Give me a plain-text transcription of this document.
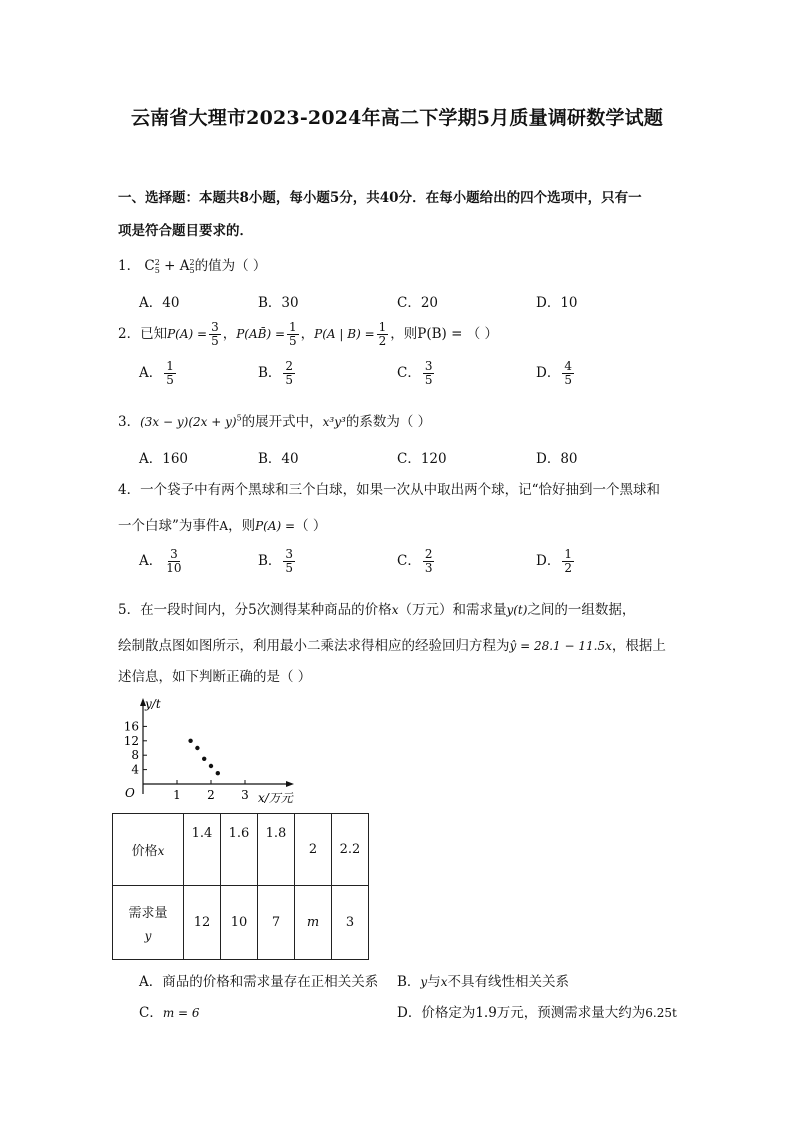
云南省大理市2023-2024年高二下学期5月质量调研数学试题
一、选择题：本题共8小题，每小题5分，共40分．在每小题给出的四个选项中，只有一
项是符合题目要求的．
1． C 2
5 + A 2
5 的值为（ ）
A．40	B．30	C．20	D．10
2．已知$P(A) = \frac{3}{5}$ ，P(AB̄) = $\frac{1}{5}$ ，P(A | $B) = \frac{1}{2}$ ，则P(B) = （ ）
A． $\frac{1}{5}$	B． $\frac{2}{5}$	C． $\frac{3}{5}$	D． $\frac{4}{5}$
3．$(3x - y)(2x + y)^5$的展开式中，x³y³的系数为（ ）
A．160	B．40	C．120	D．80
4．一个袋子中有两个黑球和三个白球，如果一次从中取出两个球，记“恰好抽到一个黑球和
一个白球”为事件A，则P(A) =（ ）
A． $\frac{3}{10}$	B． $\frac{3}{5}$	C． $\frac{2}{3}$	D． $\frac{1}{2}$
5．在一段时间内，分5次测得某种商品的价格x（万元）和需求量y(t)之间的一组数据，
绘制散点图如图所示，利用最小二乘法求得相应的经验回归方程为ŷ = 28.1 − 11.5x，根据上
述信息，如下判断正确的是（ ）
y/t
x/万元
O
16
12
8
4
1 2 3
价格x	1.4	1.6	1.8	2	2.2

需求量
y	12	10	7	m	3
A．商品的价格和需求量存在正相关关系 B．y与x不具有线性相关关系
C．m = 6	D．价格定为1.9万元，预测需求量大约为6.25t
